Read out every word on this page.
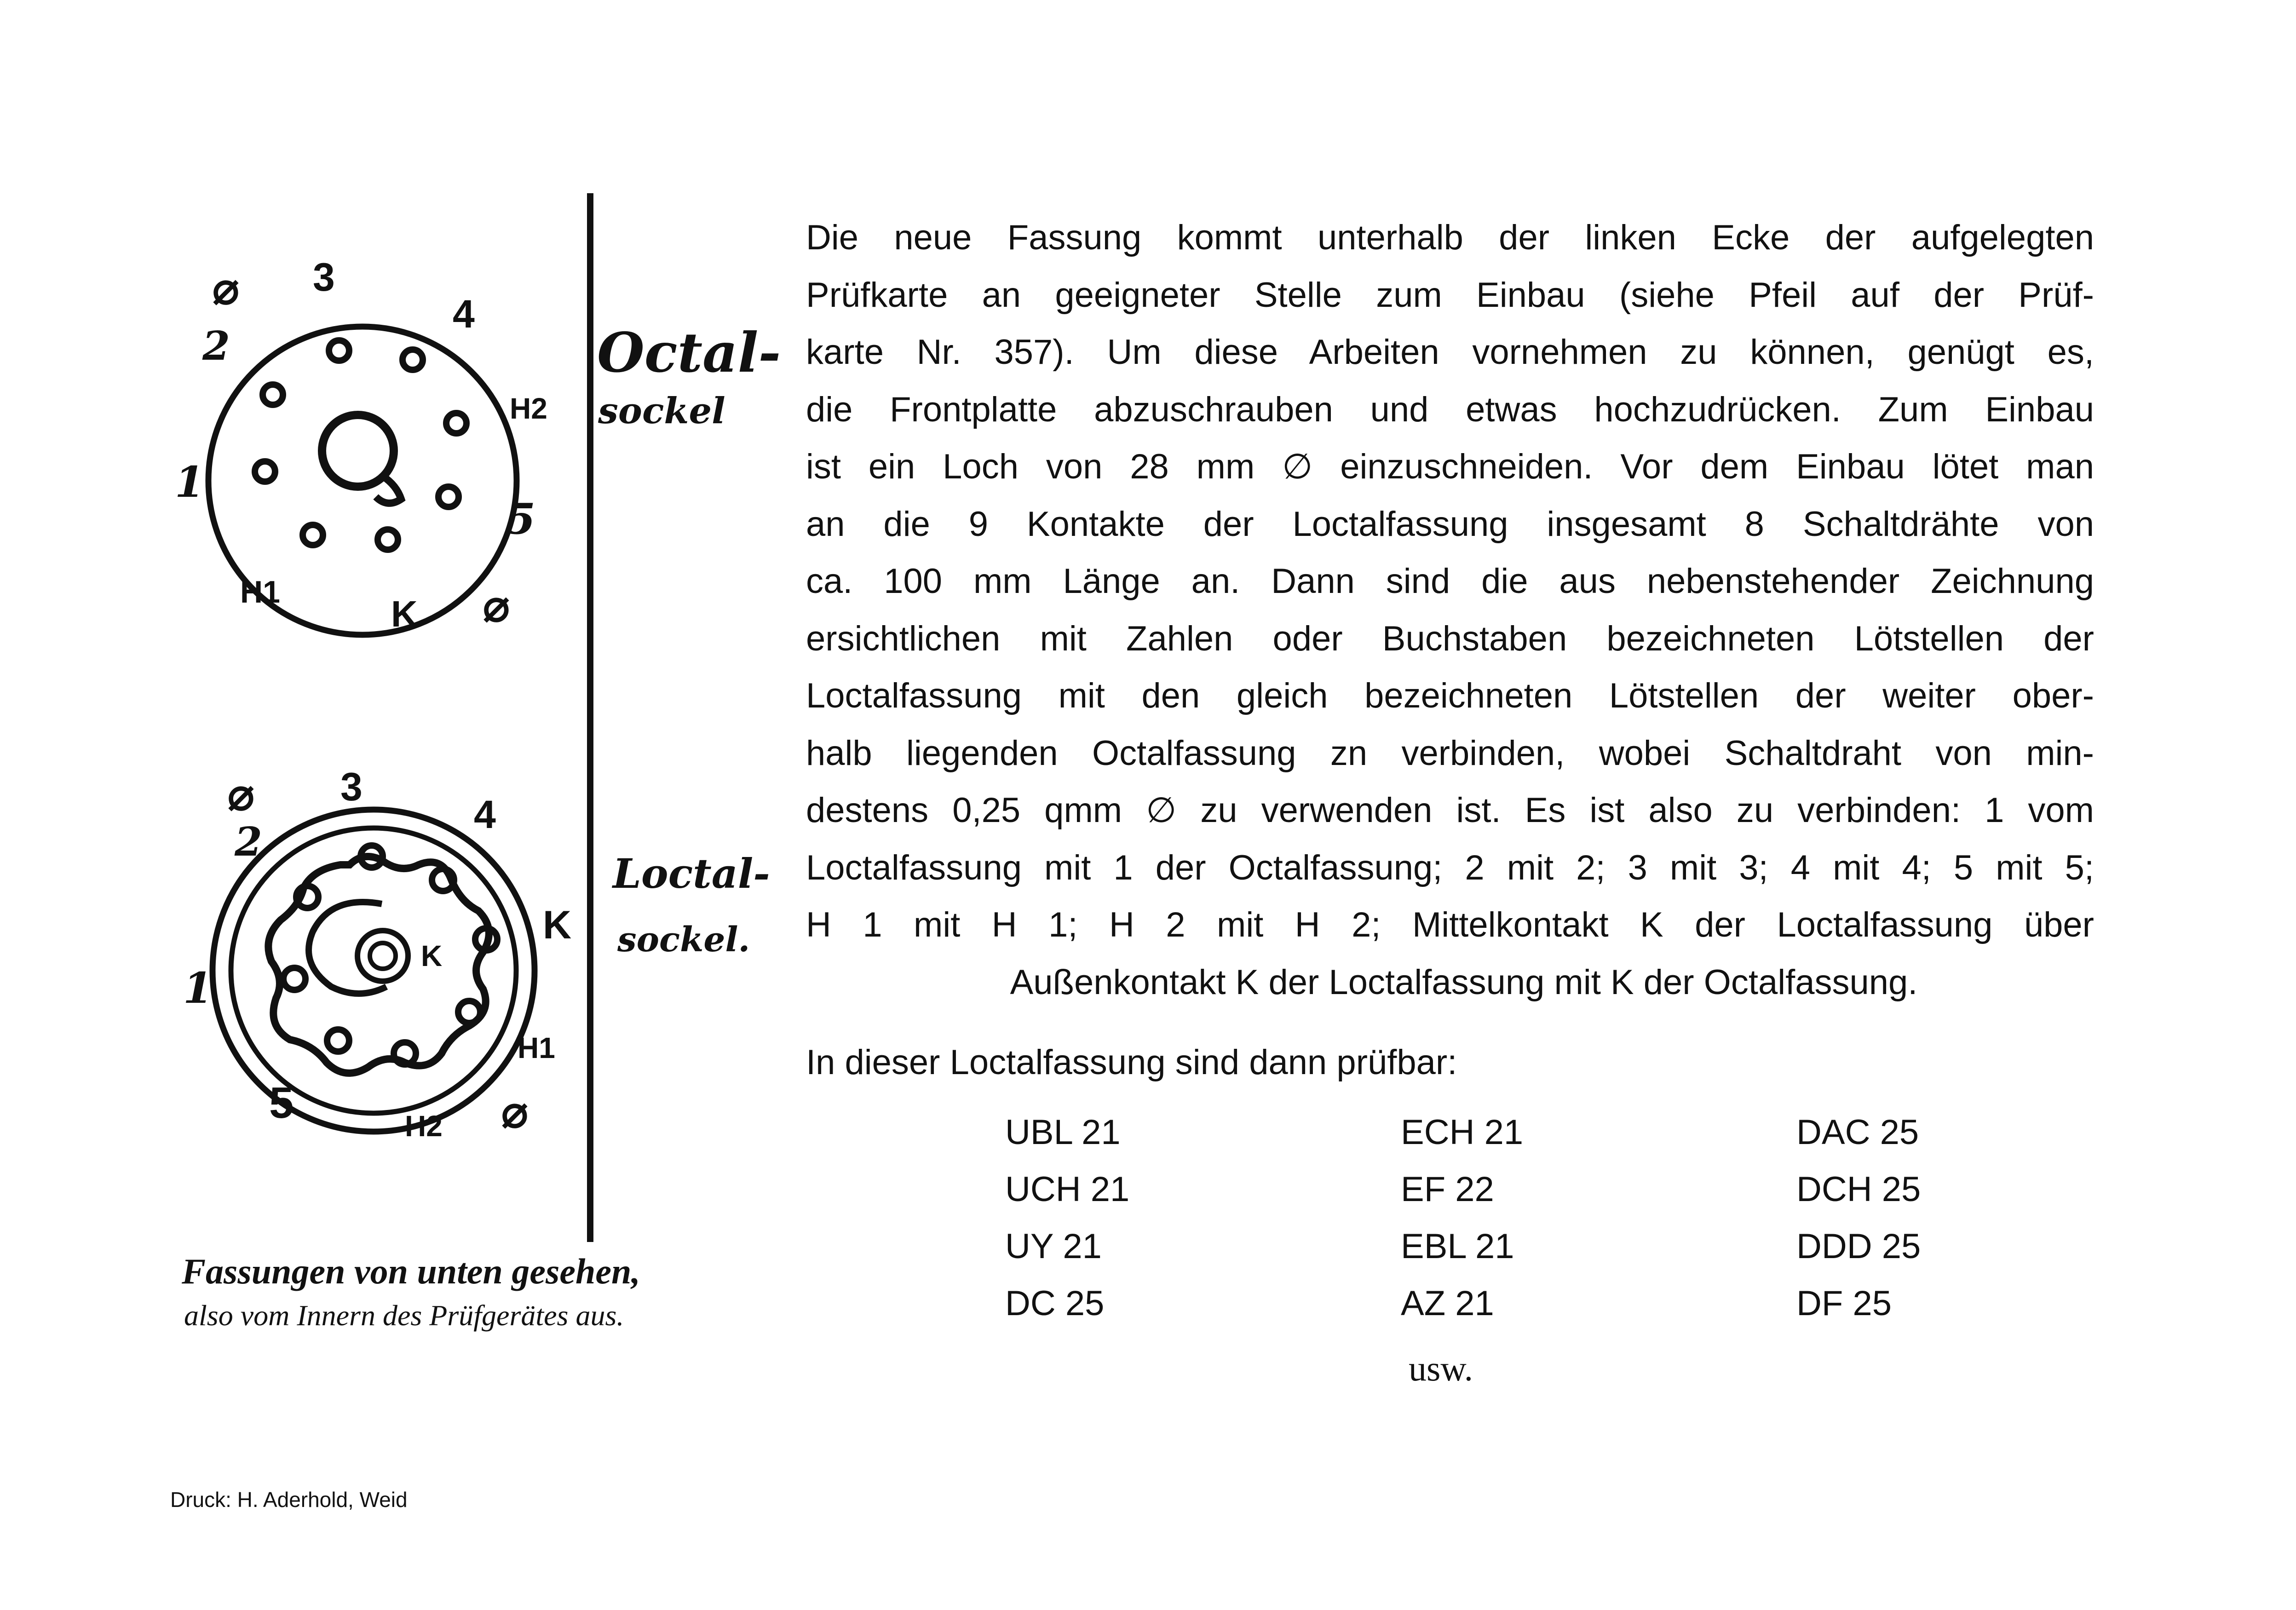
⌀ 3
4
2
H2
1
5
H1
K ⌀
Octal-
sockel
⌀ 3
4
2
K
1
K
H1
5	H2 ⌀
Loctal-
sockel.
Fassungen von unten gesehen,
also vom Innern des Prüfgerätes aus.
Die neue Fassung kommt unterhalb der linken Ecke der aufgelegten
Prüfkarte an geeigneter Stelle zum Einbau (siehe Pfeil auf der Prüf-
karte Nr. 357). Um diese Arbeiten vornehmen zu können, genügt es,
die Frontplatte abzuschrauben und etwas hochzudrücken. Zum Einbau
ist ein Loch von 28 mm ∅ einzuschneiden. Vor dem Einbau lötet man
an die 9 Kontakte der Loctalfassung insgesamt 8 Schaltdrähte von
ca. 100 mm Länge an. Dann sind die aus nebenstehender Zeichnung
ersichtlichen mit Zahlen oder Buchstaben bezeichneten Lötstellen der
Loctalfassung mit den gleich bezeichneten Lötstellen der weiter ober-
halb liegenden Octalfassung zn verbinden, wobei Schaltdraht von min-
destens 0,25 qmm ∅ zu verwenden ist. Es ist also zu verbinden: 1 vom
Loctalfassung mit 1 der Octalfassung; 2 mit 2; 3 mit 3; 4 mit 4; 5 mit 5;
H 1 mit H 1; H 2 mit H 2; Mittelkontakt K der Loctalfassung über
Außenkontakt K der Loctalfassung mit K der Octalfassung.
In dieser Loctalfassung sind dann prüfbar:
UBL 21	ECH 21	DAC 25
UCH 21	EF 22	DCH 25
UY 21	EBL 21	DDD 25
DC 25	AZ 21	DF 25
usw.
Druck: H. Aderhold, Weid
